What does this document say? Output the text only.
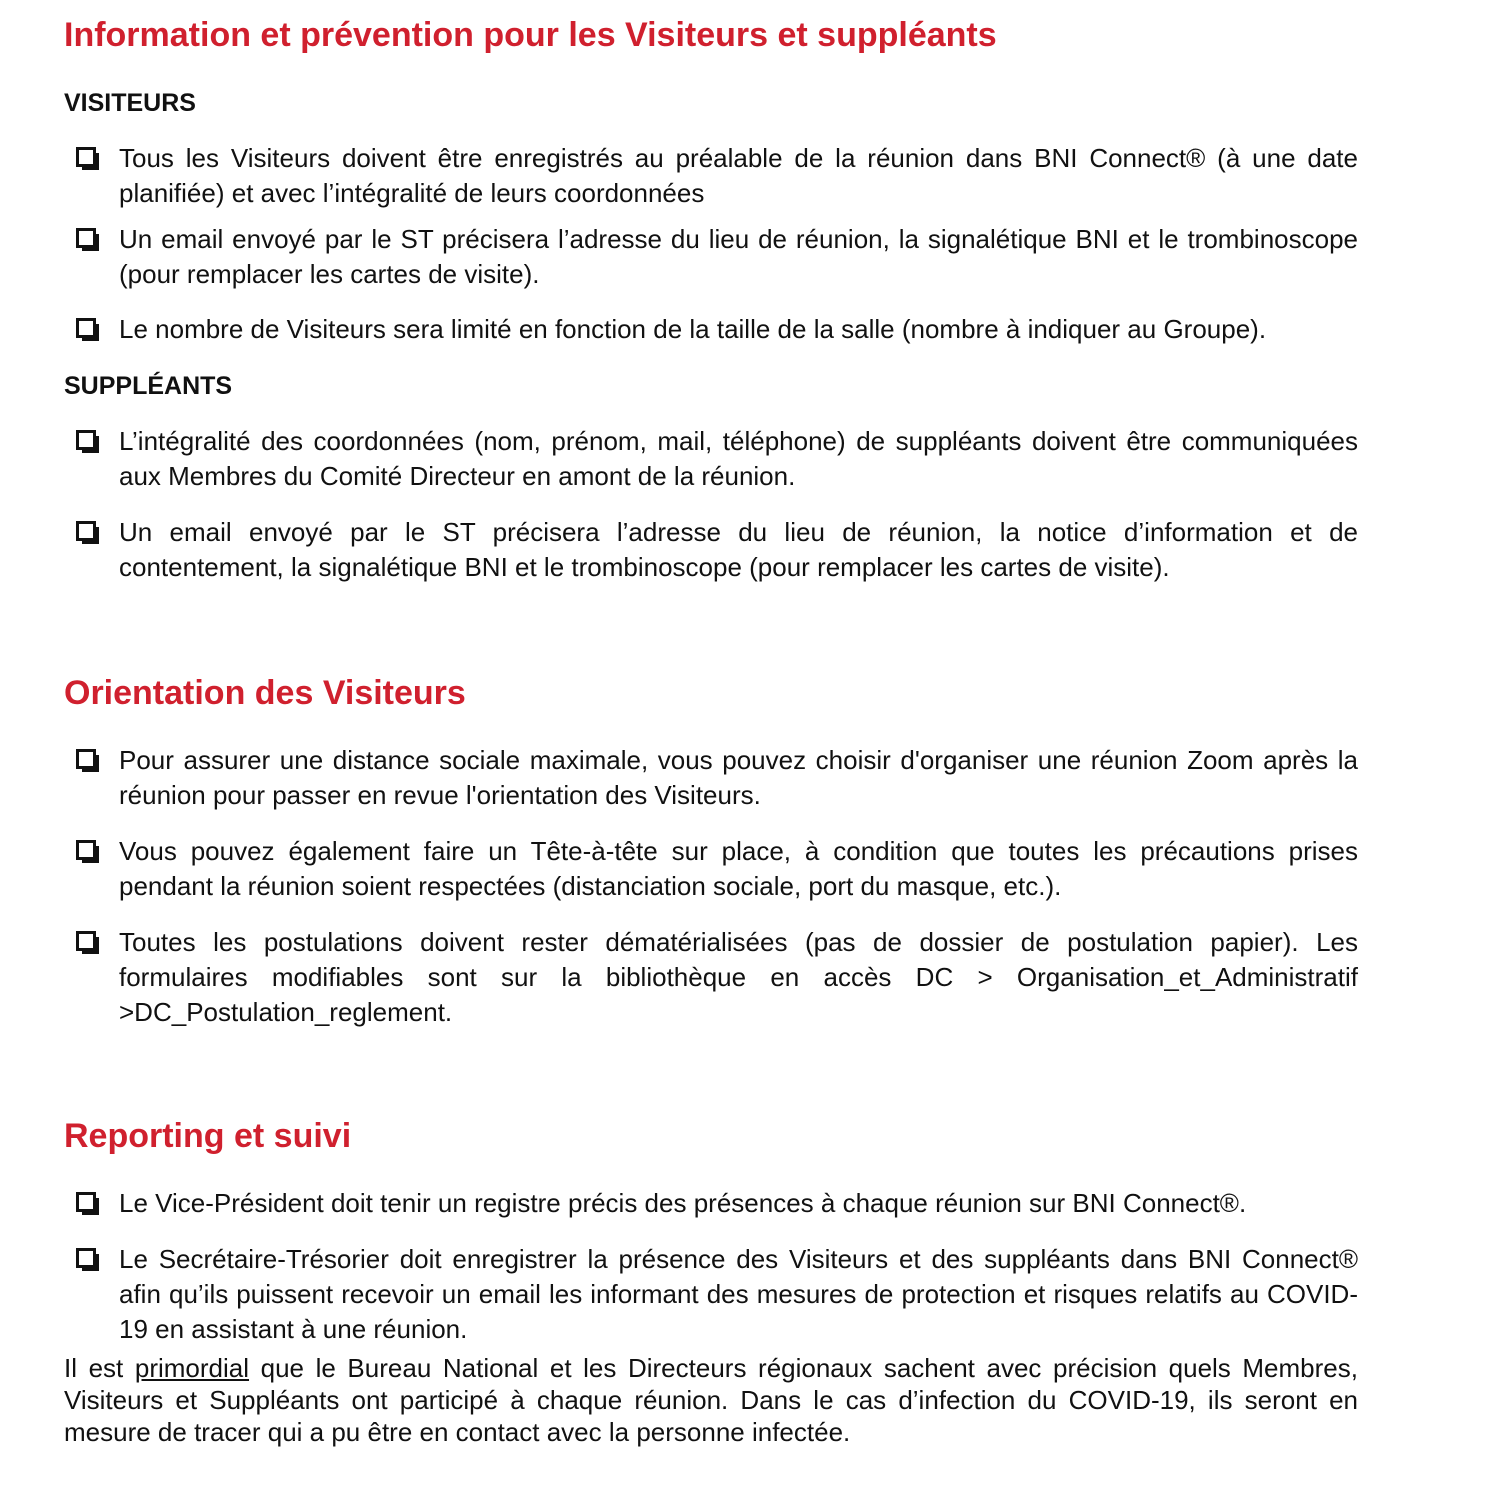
Information et prévention pour les Visiteurs et suppléants
VISITEURS
Tous les Visiteurs doivent être enregistrés au préalable de la réunion dans BNI Connect® (à une date planifiée) et avec l’intégralité de leurs coordonnées
Un email envoyé par le ST précisera l’adresse du lieu de réunion, la signalétique BNI et le trombinoscope (pour remplacer les cartes de visite).
Le nombre de Visiteurs sera limité en fonction de la taille de la salle (nombre à indiquer au Groupe).
SUPPLÉANTS
L’intégralité des coordonnées (nom, prénom, mail, téléphone) de suppléants doivent être communiquées aux Membres du Comité Directeur en amont de la réunion.
Un email envoyé par le ST précisera l’adresse du lieu de réunion, la notice d’information et de contentement, la signalétique BNI et le trombinoscope (pour remplacer les cartes de visite).
Orientation des Visiteurs
Pour assurer une distance sociale maximale, vous pouvez choisir d'organiser une réunion Zoom après la réunion pour passer en revue l'orientation des Visiteurs.
Vous pouvez également faire un Tête-à-tête sur place, à condition que toutes les précautions prises pendant la réunion soient respectées (distanciation sociale, port du masque, etc.).
Toutes les postulations doivent rester dématérialisées (pas de dossier de postulation papier). Les formulaires modifiables sont sur la bibliothèque en accès DC > Organisation_et_Administratif >DC_Postulation_reglement.
Reporting et suivi
Le Vice-Président doit tenir un registre précis des présences à chaque réunion sur BNI Connect®.
Le Secrétaire-Trésorier doit enregistrer la présence des Visiteurs et des suppléants dans BNI Connect® afin qu’ils puissent recevoir un email les informant des mesures de protection et risques relatifs au COVID-19 en assistant à une réunion.

Il est primordial que le Bureau National et les Directeurs régionaux sachent avec précision quels Membres, Visiteurs et Suppléants ont participé à chaque réunion. Dans le cas d’infection du COVID-19, ils seront en mesure de tracer qui a pu être en contact avec la personne infectée.
